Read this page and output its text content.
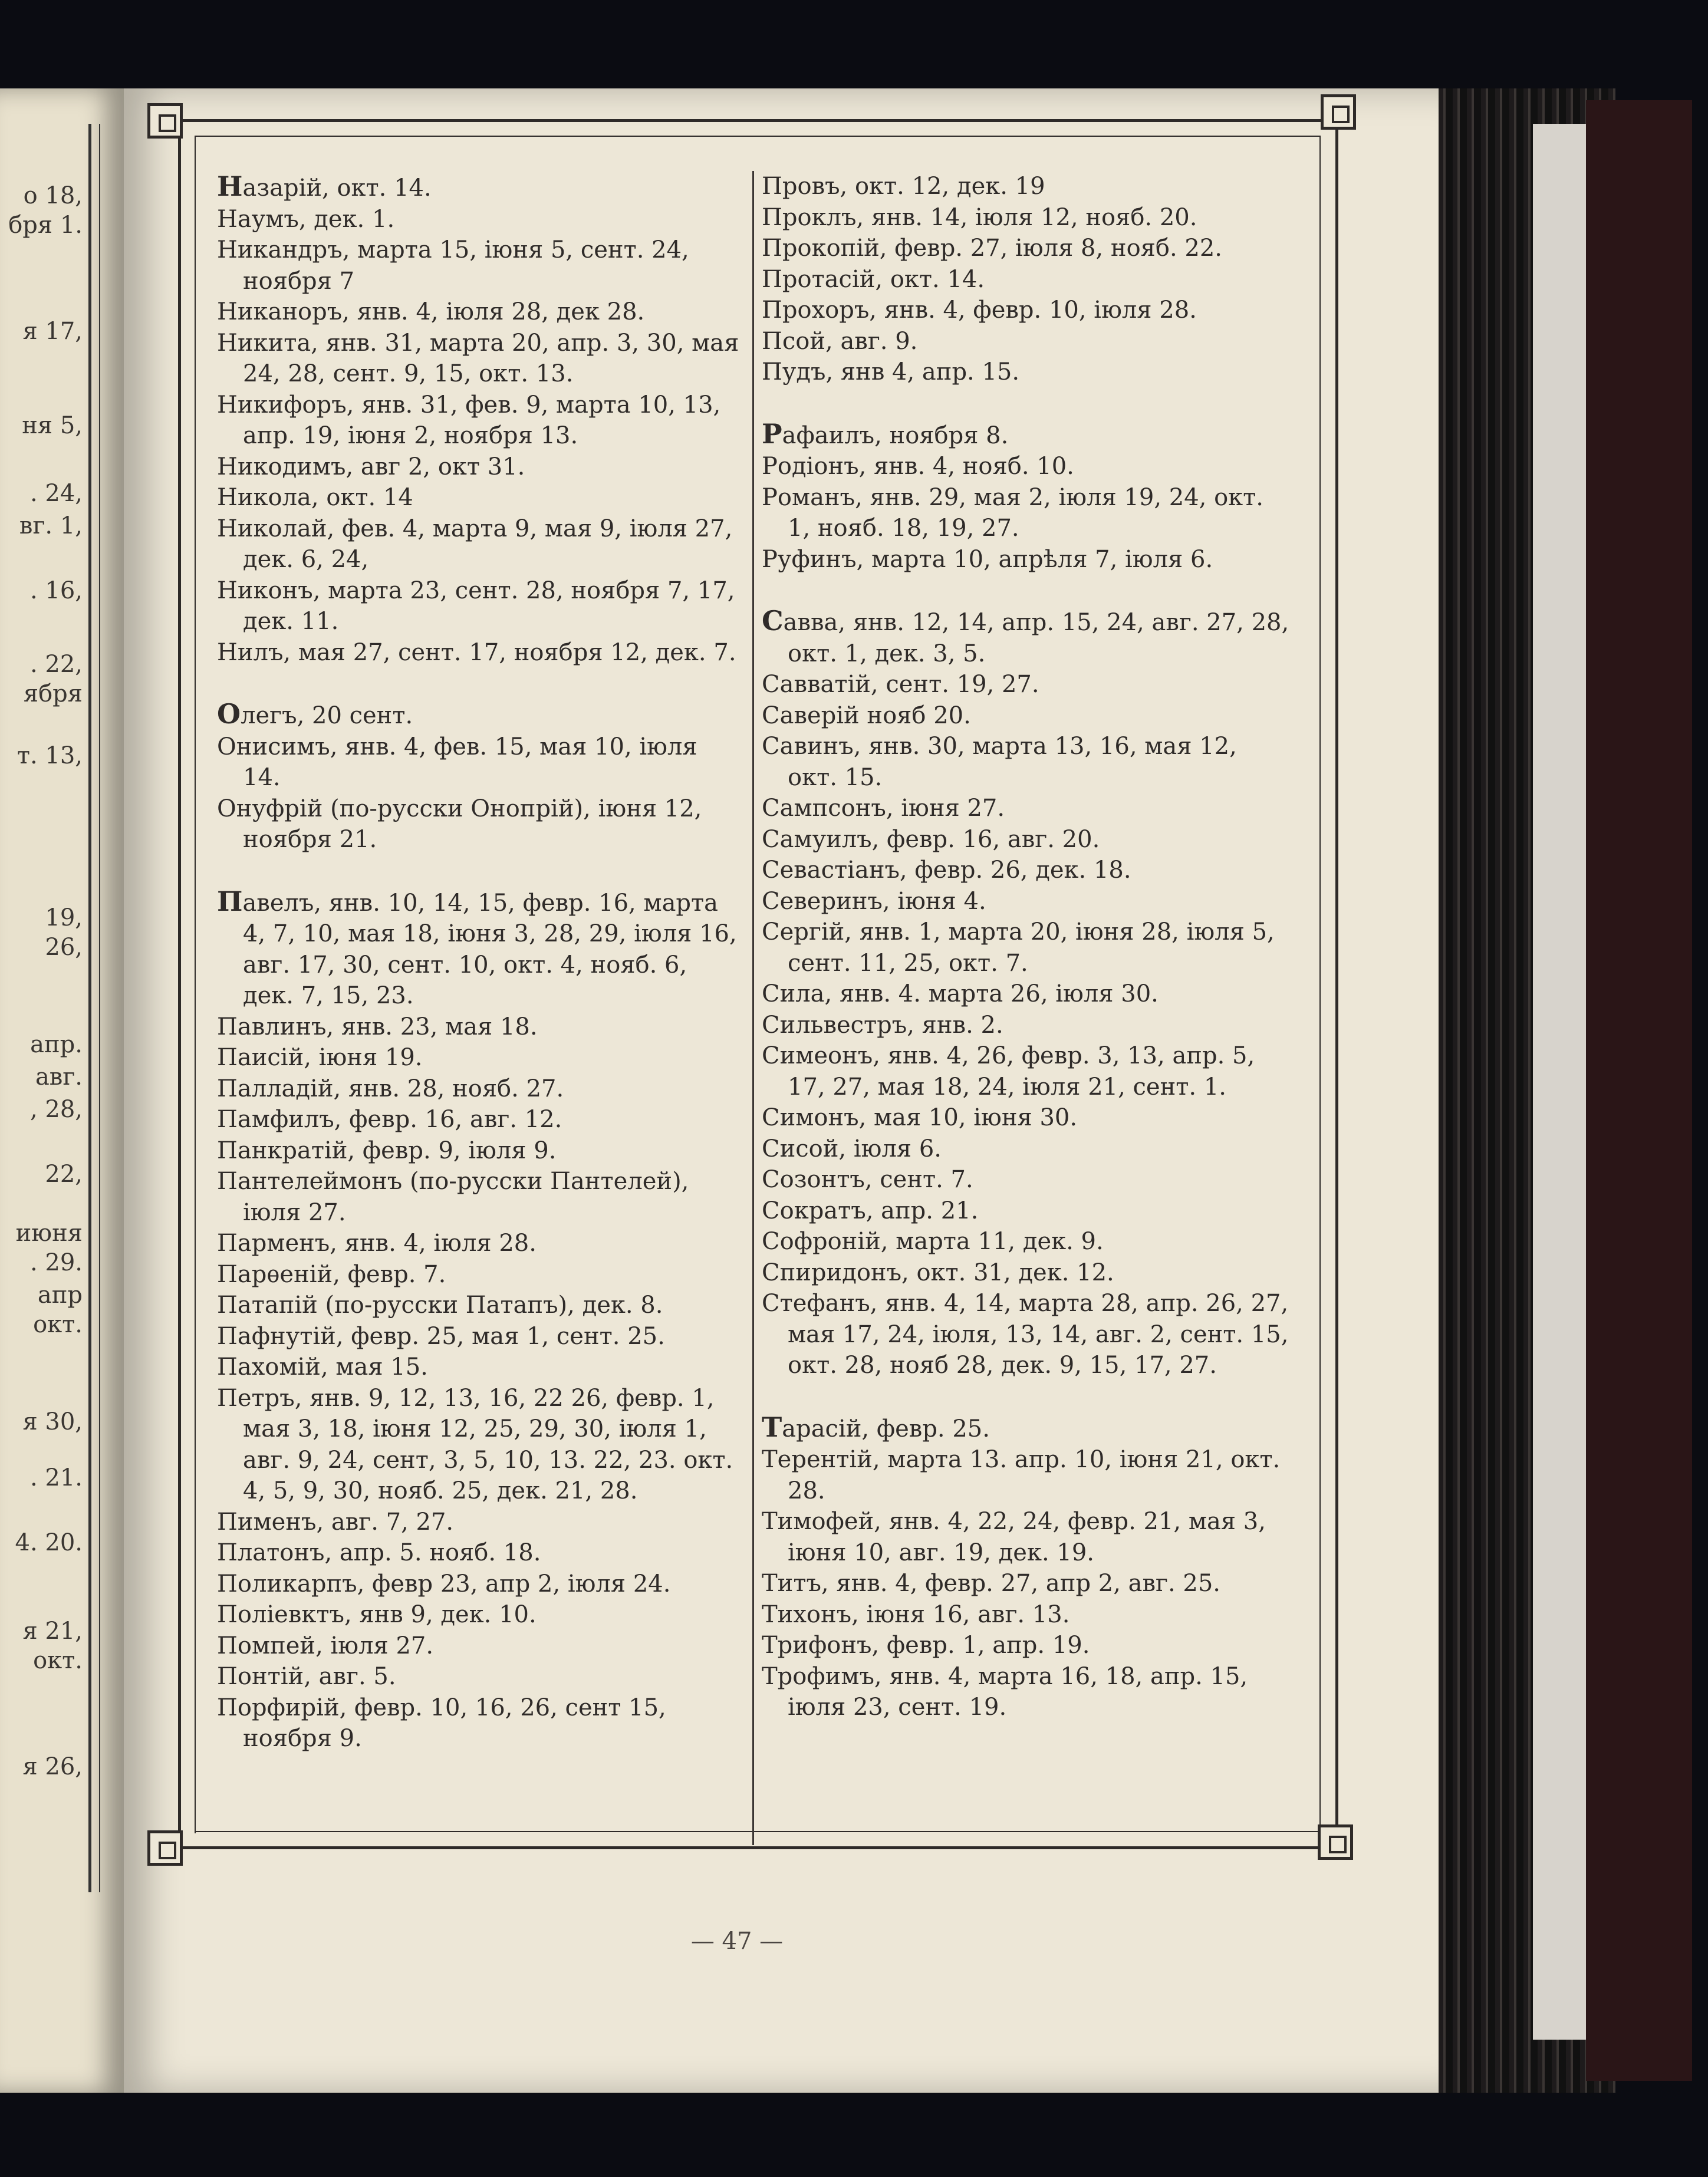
о 18,
бря 1.
я 17,
ня 5,
. 24,
вг. 1,
. 16,
. 22,
ября
т. 13,
19,
26,
апр.
авг.
, 28,
22,
июня
. 29.
апр
окт.
я 30,
. 21.
4. 20.
я 21,
окт.
я 26,
Назарій, окт. 14.
Наумъ, дек. 1.
Никандръ, марта 15, іюня 5, сент. 24, ноября 7
Никаноръ, янв. 4, іюля 28, дек 28.
Никита, янв. 31, марта 20, апр. 3, 30, мая 24, 28, сент. 9, 15, окт. 13.
Никифоръ, янв. 31, фев. 9, марта 10, 13, апр. 19, іюня 2, ноября 13.
Никодимъ, авг 2, окт 31.
Никола, окт. 14
Николай, фев. 4, марта 9, мая 9, іюля 27, дек. 6, 24,
Никонъ, марта 23, сент. 28, ноября 7, 17, дек. 11.
Нилъ, мая 27, сент. 17, ноября 12, дек. 7.
Олегъ, 20 сент.
Онисимъ, янв. 4, фев. 15, мая 10, іюля 14.
Онуфрій (по-русски Онопрій), іюня 12, ноября 21.
Павелъ, янв. 10, 14, 15, февр. 16, марта 4, 7, 10, мая 18, іюня 3, 28, 29, іюля 16, авг. 17, 30, сент. 10, окт. 4, нояб. 6, дек. 7, 15, 23.
Павлинъ, янв. 23, мая 18.
Паисій, іюня 19.
Палладій, янв. 28, нояб. 27.
Памфилъ, февр. 16, авг. 12.
Панкратій, февр. 9, іюля 9.
Пантелеймонъ (по-русски Пантелей), іюля 27.
Парменъ, янв. 4, іюля 28.
Парѳеній, февр. 7.
Патапій (по-русски Патапъ), дек. 8.
Пафнутій, февр. 25, мая 1, сент. 25.
Пахомій, мая 15.
Петръ, янв. 9, 12, 13, 16, 22 26, февр. 1, мая 3, 18, іюня 12, 25, 29, 30, іюля 1, авг. 9, 24, сент, 3, 5, 10, 13. 22, 23. окт. 4, 5, 9, 30, нояб. 25, дек. 21, 28.
Пименъ, авг. 7, 27.
Платонъ, апр. 5. нояб. 18.
Поликарпъ, февр 23, апр 2, іюля 24.
Поліевктъ, янв 9, дек. 10.
Помпей, іюля 27.
Понтій, авг. 5.
Порфирій, февр. 10, 16, 26, сент 15, ноября 9.
Провъ, окт. 12, дек. 19
Проклъ, янв. 14, іюля 12, нояб. 20.
Прокопій, февр. 27, іюля 8, нояб. 22.
Протасій, окт. 14.
Прохоръ, янв. 4, февр. 10, іюля 28.
Псой, авг. 9.
Пудъ, янв 4, апр. 15.
Рафаилъ, ноября 8.
Родіонъ, янв. 4, нояб. 10.
Романъ, янв. 29, мая 2, іюля 19, 24, окт. 1, нояб. 18, 19, 27.
Руфинъ, марта 10, апрѣля 7, іюля 6.
Савва, янв. 12, 14, апр. 15, 24, авг. 27, 28, окт. 1, дек. 3, 5.
Савватій, сент. 19, 27.
Саверій нояб 20.
Савинъ, янв. 30, марта 13, 16, мая 12, окт. 15.
Сампсонъ, іюня 27.
Самуилъ, февр. 16, авг. 20.
Севастіанъ, февр. 26, дек. 18.
Северинъ, іюня 4.
Сергій, янв. 1, марта 20, іюня 28, іюля 5, сент. 11, 25, окт. 7.
Сила, янв. 4. марта 26, іюля 30.
Сильвестръ, янв. 2.
Симеонъ, янв. 4, 26, февр. 3, 13, апр. 5, 17, 27, мая 18, 24, іюля 21, сент. 1.
Симонъ, мая 10, іюня 30.
Сисой, іюля 6.
Созонтъ, сент. 7.
Сократъ, апр. 21.
Софроній, марта 11, дек. 9.
Спиридонъ, окт. 31, дек. 12.
Стефанъ, янв. 4, 14, марта 28, апр. 26, 27, мая 17, 24, іюля, 13, 14, авг. 2, сент. 15, окт. 28, нояб 28, дек. 9, 15, 17, 27.
Тарасій, февр. 25.
Терентій, марта 13. апр. 10, іюня 21, окт. 28.
Тимофей, янв. 4, 22, 24, февр. 21, мая 3, іюня 10, авг. 19, дек. 19.
Титъ, янв. 4, февр. 27, апр 2, авг. 25.
Тихонъ, іюня 16, авг. 13.
Трифонъ, февр. 1, апр. 19.
Трофимъ, янв. 4, марта 16, 18, апр. 15, іюля 23, сент. 19.
— 47 —
